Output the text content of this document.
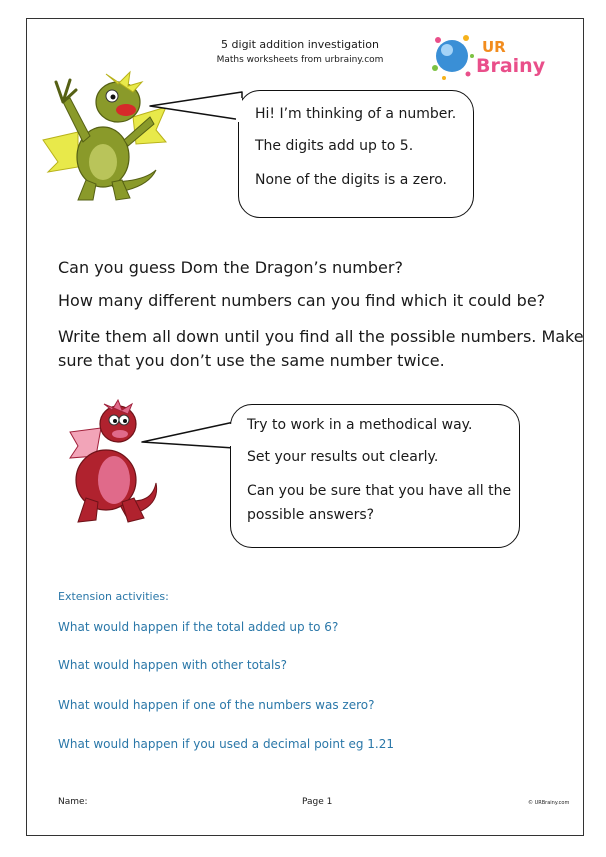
5 digit addition investigation
Maths worksheets from urbrainy.com
UR
Brainy

Hi! I’m thinking of a number.

The digits add up to 5.

None of the digits is a zero.

Can you guess Dom the Dragon’s number?
How many different numbers can you find which it could be?
Write them all down until you find all the possible numbers. Make
sure that you don’t use the same number twice.

Try to work in a methodical way.

Set your results out clearly.

Can you be sure that you have all the

possible answers?

Extension activities:
What would happen if the total added up to 6?
What would happen with other totals?
What would happen if one of the numbers was zero?
What would happen if you used a decimal point eg 1.21
Name:	Page 1	© URBrainy.com
